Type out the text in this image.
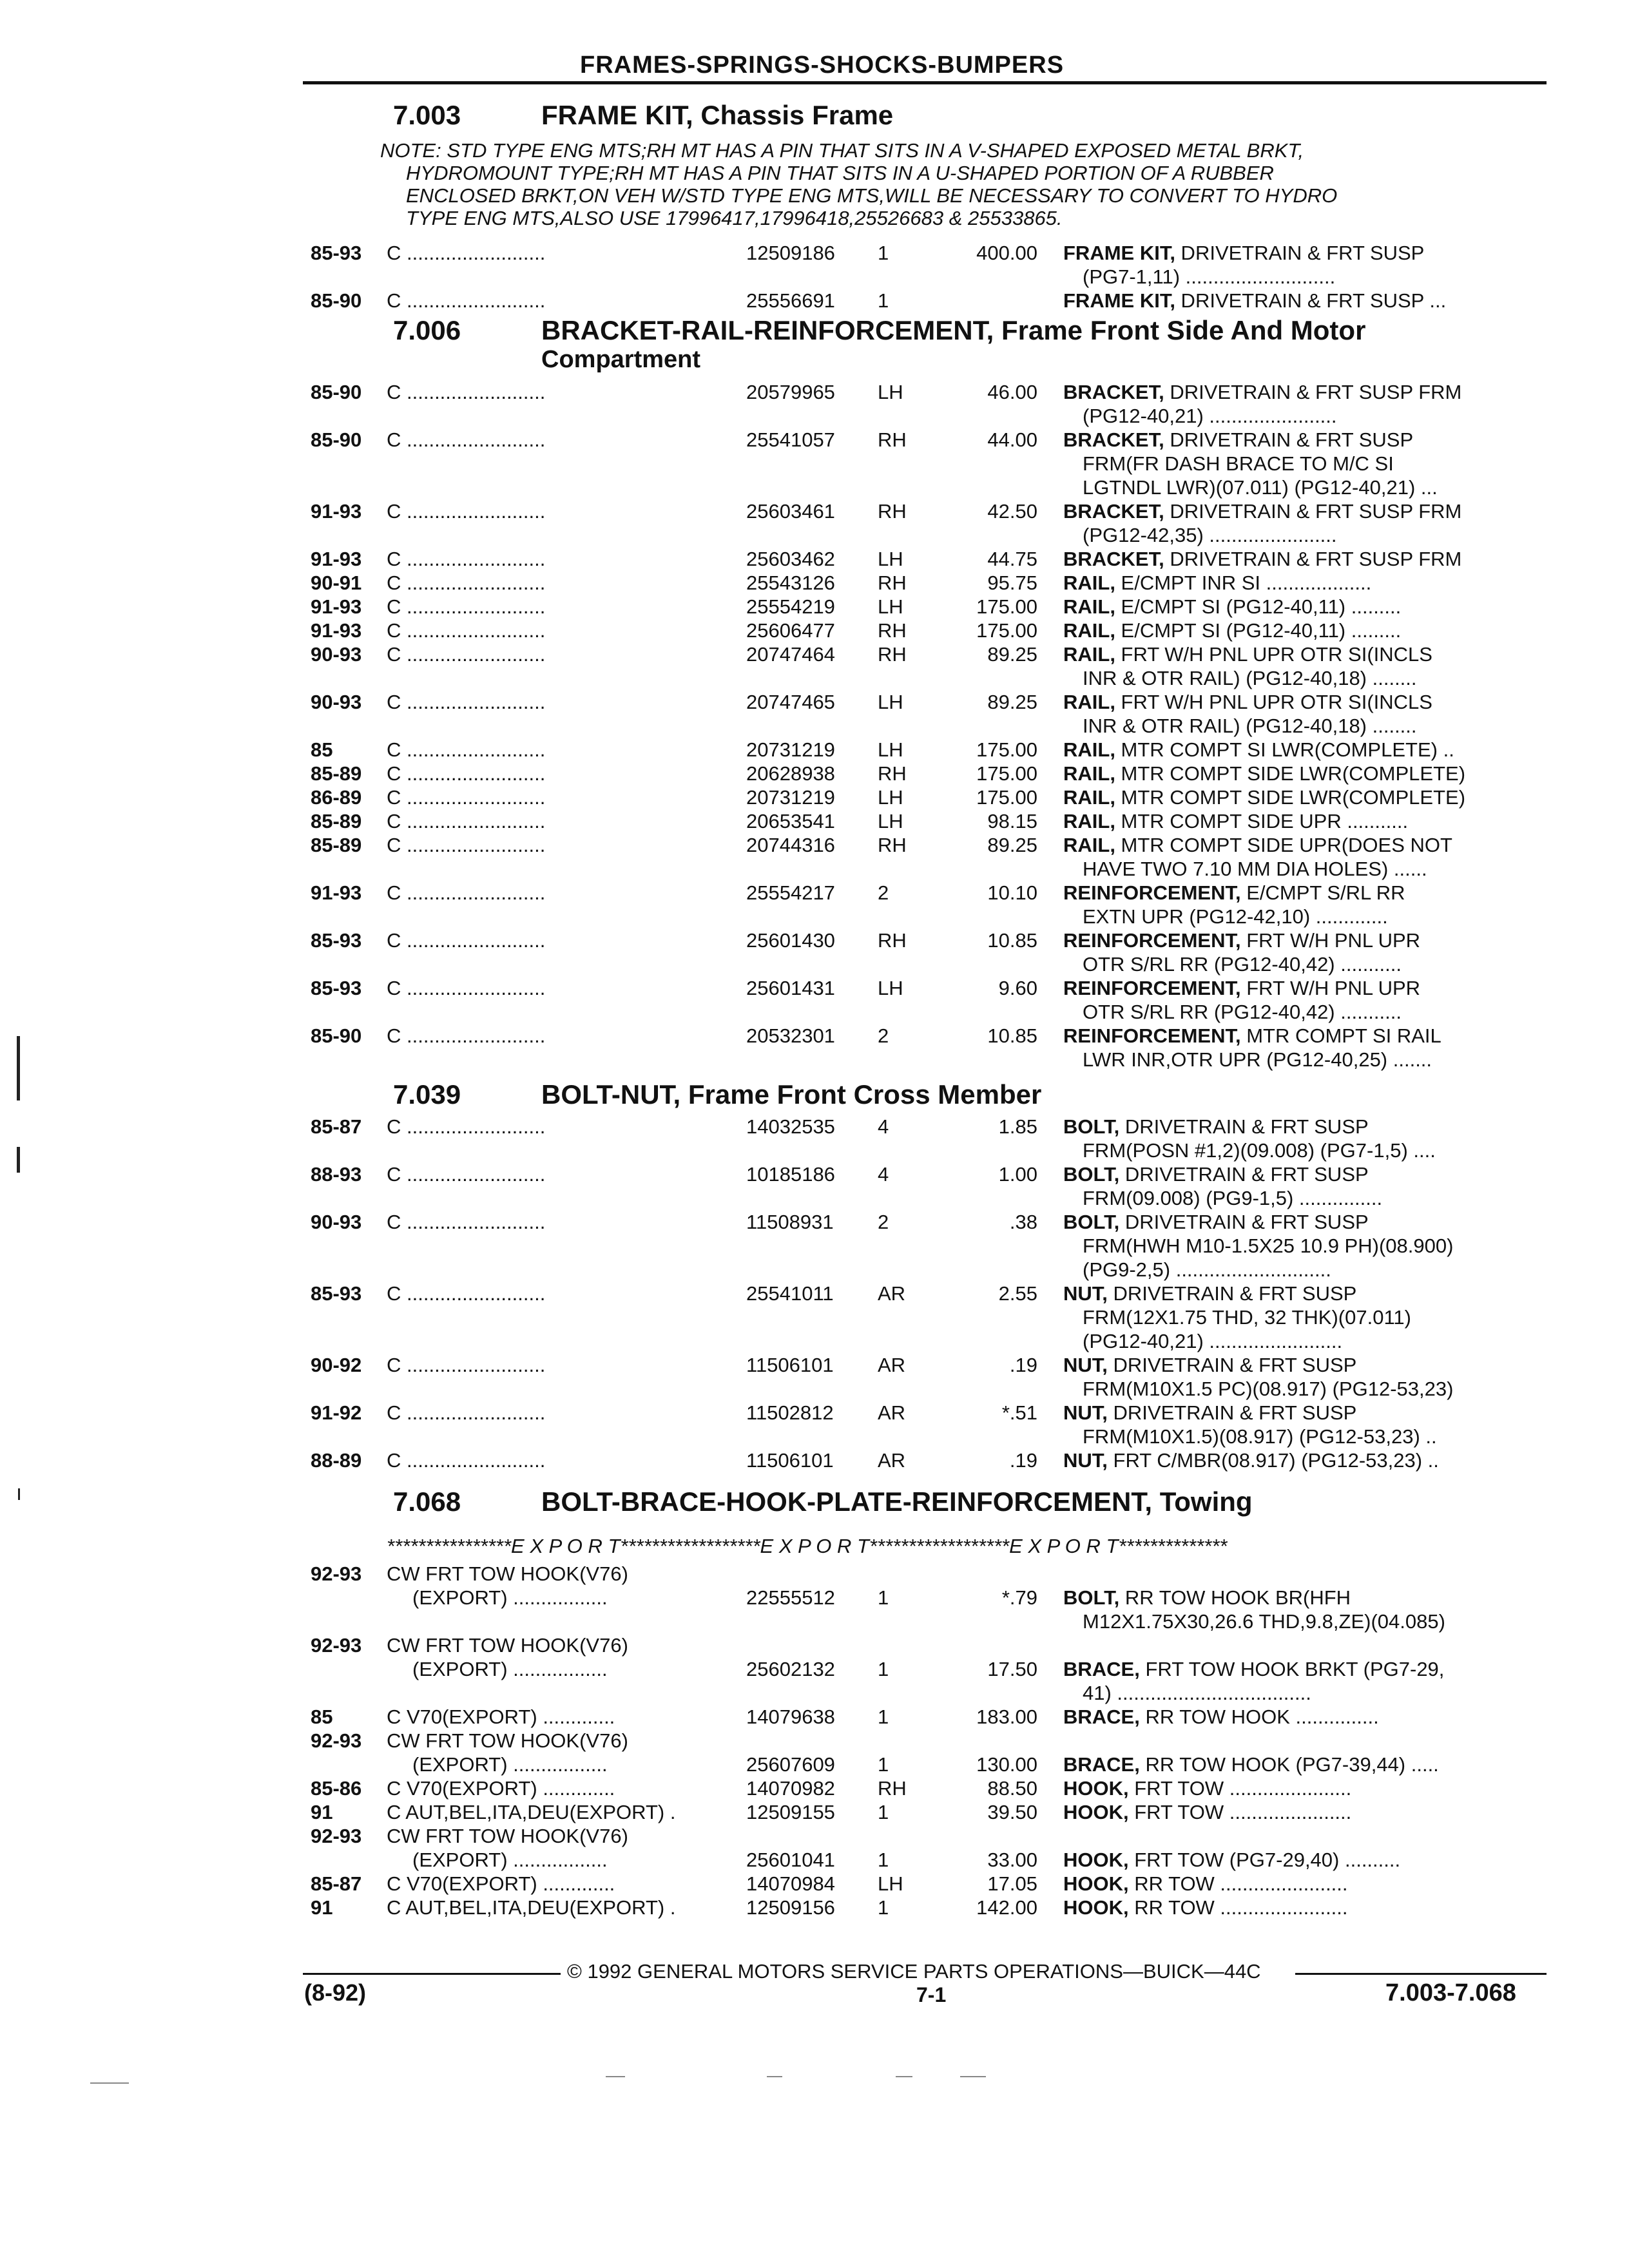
FRAMES-SPRINGS-SHOCKS-BUMPERS
7.003	FRAME KIT, Chassis Frame
NOTE: STD TYPE ENG MTS;RH MT HAS A PIN THAT SITS IN A V-SHAPED EXPOSED METAL BRKT,
HYDROMOUNT TYPE;RH MT HAS A PIN THAT SITS IN A U-SHAPED PORTION OF A RUBBER
ENCLOSED BRKT,ON VEH W/STD TYPE ENG MTS,WILL BE NECESSARY TO CONVERT TO HYDRO
TYPE ENG MTS,ALSO USE 17996417,17996418,25526683 & 25533865.
85-93	C .........................	12509186	1	400.00 FRAME KIT, DRIVETRAIN & FRT SUSP
(PG7-1,11) ...........................
85-90	C .........................	25556691	1	FRAME KIT, DRIVETRAIN & FRT SUSP ...
7.006	BRACKET-RAIL-REINFORCEMENT, Frame Front Side And Motor
Compartment
85-90	C .........................	20579965	LH	46.00 BRACKET, DRIVETRAIN & FRT SUSP FRM
(PG12-40,21) .......................
85-90	C .........................	25541057	RH	44.00 BRACKET, DRIVETRAIN & FRT SUSP
FRM(FR DASH BRACE TO M/C SI
LGTNDL LWR)(07.011) (PG12-40,21) ...
91-93	C .........................	25603461	RH	42.50 BRACKET, DRIVETRAIN & FRT SUSP FRM
(PG12-42,35) .......................
91-93	C .........................	25603462	LH	44.75 BRACKET, DRIVETRAIN & FRT SUSP FRM
90-91	C .........................	25543126	RH	95.75 RAIL, E/CMPT INR SI ...................
91-93	C .........................	25554219	LH	175.00 RAIL, E/CMPT SI (PG12-40,11) .........
91-93	C .........................	25606477	RH	175.00 RAIL, E/CMPT SI (PG12-40,11) .........
90-93	C .........................	20747464	RH	89.25 RAIL, FRT W/H PNL UPR OTR SI(INCLS
INR & OTR RAIL) (PG12-40,18) ........
90-93	C .........................	20747465	LH	89.25 RAIL, FRT W/H PNL UPR OTR SI(INCLS
INR & OTR RAIL) (PG12-40,18) ........
85	C .........................	20731219	LH	175.00 RAIL, MTR COMPT SI LWR(COMPLETE) ..
85-89	C .........................	20628938	RH	175.00 RAIL, MTR COMPT SIDE LWR(COMPLETE)
86-89	C .........................	20731219	LH	175.00 RAIL, MTR COMPT SIDE LWR(COMPLETE)
85-89	C .........................	20653541	LH	98.15 RAIL, MTR COMPT SIDE UPR ...........
85-89	C .........................	20744316	RH	89.25 RAIL, MTR COMPT SIDE UPR(DOES NOT
HAVE TWO 7.10 MM DIA HOLES) ......
91-93	C .........................	25554217	2	10.10 REINFORCEMENT, E/CMPT S/RL RR
EXTN UPR (PG12-42,10) .............
85-93	C .........................	25601430	RH	10.85 REINFORCEMENT, FRT W/H PNL UPR
OTR S/RL RR (PG12-40,42) ...........
85-93	C .........................	25601431	LH	9.60 REINFORCEMENT, FRT W/H PNL UPR
OTR S/RL RR (PG12-40,42) ...........
85-90	C .........................	20532301	2	10.85 REINFORCEMENT, MTR COMPT SI RAIL
LWR INR,OTR UPR (PG12-40,25) .......
7.039	BOLT-NUT, Frame Front Cross Member
85-87	C .........................	14032535	4	1.85 BOLT, DRIVETRAIN & FRT SUSP
FRM(POSN #1,2)(09.008) (PG7-1,5) ....
88-93	C .........................	10185186	4	1.00 BOLT, DRIVETRAIN & FRT SUSP
FRM(09.008) (PG9-1,5) ...............
90-93	C .........................	11508931	2	.38 BOLT, DRIVETRAIN & FRT SUSP
FRM(HWH M10-1.5X25 10.9 PH)(08.900)
(PG9-2,5) ............................
85-93	C .........................	25541011	AR	2.55 NUT, DRIVETRAIN & FRT SUSP
FRM(12X1.75 THD, 32 THK)(07.011)
(PG12-40,21) ........................
90-92	C .........................	11506101	AR	.19 NUT, DRIVETRAIN & FRT SUSP
FRM(M10X1.5 PC)(08.917) (PG12-53,23)
91-92	C .........................	11502812	AR	*.51 NUT, DRIVETRAIN & FRT SUSP
FRM(M10X1.5)(08.917) (PG12-53,23) ..
88-89	C .........................	11506101	AR	.19 NUT, FRT C/MBR(08.917) (PG12-53,23) ..
7.068	BOLT-BRACE-HOOK-PLATE-REINFORCEMENT, Towing
****************E X P O R T******************E X P O R T******************E X P O R T**************
92-93	CW FRT TOW HOOK(V76)
(EXPORT) .................	22555512	1	*.79 BOLT, RR TOW HOOK BR(HFH
M12X1.75X30,26.6 THD,9.8,ZE)(04.085)
92-93	CW FRT TOW HOOK(V76)
(EXPORT) .................	25602132	1	17.50 BRACE, FRT TOW HOOK BRKT (PG7-29,
41) ...................................
85	C V70(EXPORT) .............	14079638	1	183.00 BRACE, RR TOW HOOK ...............
92-93	CW FRT TOW HOOK(V76)
(EXPORT) .................	25607609	1	130.00 BRACE, RR TOW HOOK (PG7-39,44) .....
85-86	C V70(EXPORT) .............	14070982	RH	88.50 HOOK, FRT TOW ......................
91	C AUT,BEL,ITA,DEU(EXPORT) .	12509155	1	39.50 HOOK, FRT TOW ......................
92-93	CW FRT TOW HOOK(V76)
(EXPORT) .................	25601041	1	33.00 HOOK, FRT TOW (PG7-29,40) ..........
85-87	C V70(EXPORT) .............	14070984	LH	17.05 HOOK, RR TOW .......................
91	C AUT,BEL,ITA,DEU(EXPORT) .	12509156	1	142.00 HOOK, RR TOW .......................
© 1992 GENERAL MOTORS SERVICE PARTS OPERATIONS—BUICK—44C
(8-92)	7-1	7.003-7.068
